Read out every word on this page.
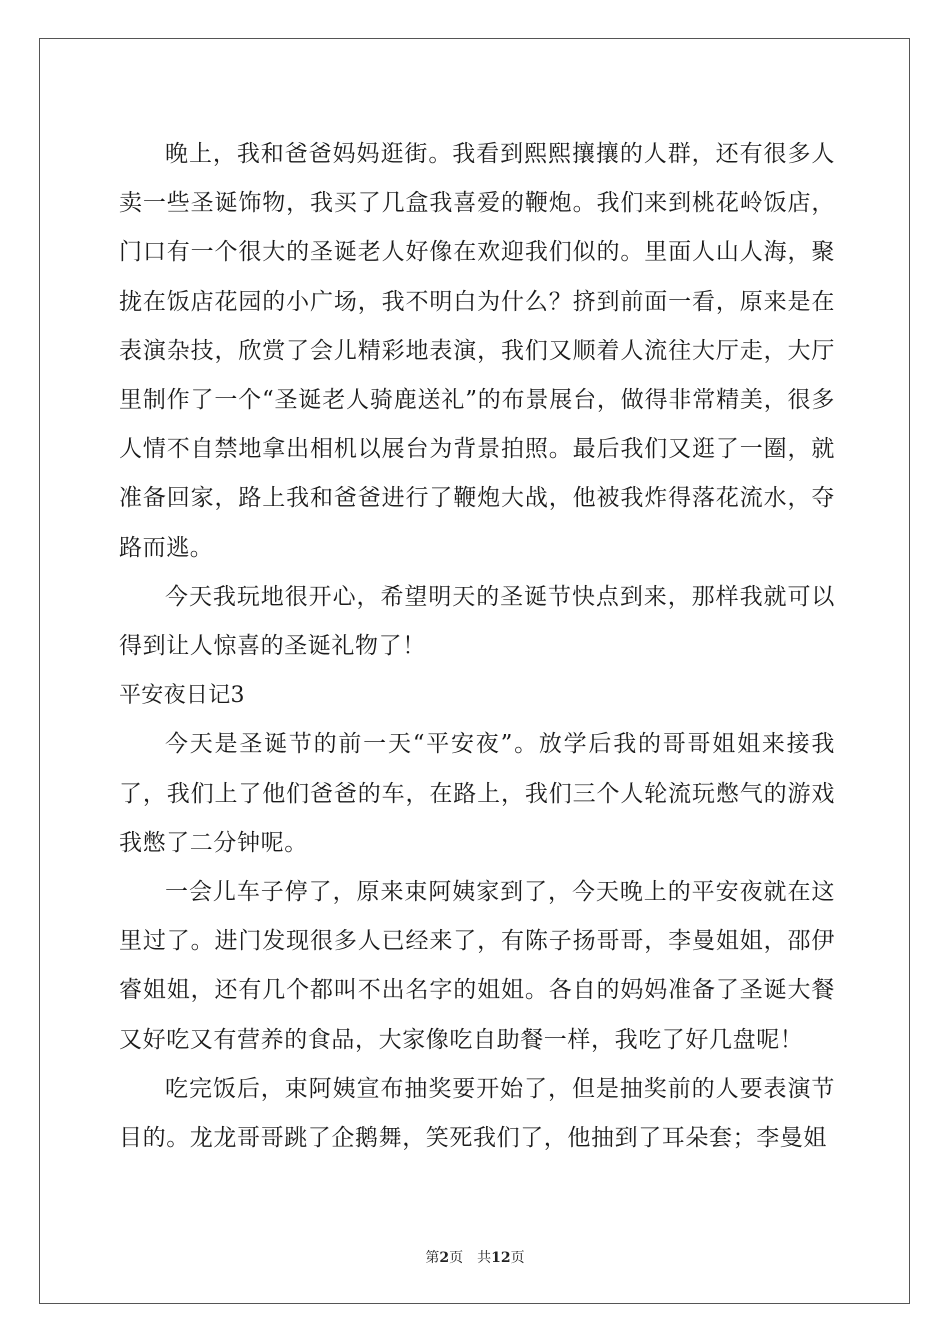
晚上，我和爸爸妈妈逛街。我看到熙熙攘攘的人群，还有很多人卖一些圣诞饰物，我买了几盒我喜爱的鞭炮。我们来到桃花岭饭店，门口有一个很大的圣诞老人好像在欢迎我们似的。里面人山人海，聚拢在饭店花园的小广场，我不明白为什么？挤到前面一看，原来是在表演杂技，欣赏了会儿精彩地表演，我们又顺着人流往大厅走，大厅里制作了一个“圣诞老人骑鹿送礼”的布景展台，做得非常精美，很多人情不自禁地拿出相机以展台为背景拍照。最后我们又逛了一圈，就准备回家，路上我和爸爸进行了鞭炮大战，他被我炸得落花流水，夺路而逃。

今天我玩地很开心，希望明天的圣诞节快点到来，那样我就可以得到让人惊喜的圣诞礼物了！

平安夜日记3

今天是圣诞节的前一天“平安夜”。放学后我的哥哥姐姐来接我了，我们上了他们爸爸的车，在路上，我们三个人轮流玩憋气的游戏我憋了二分钟呢。

一会儿车子停了，原来束阿姨家到了，今天晚上的平安夜就在这里过了。进门发现很多人已经来了，有陈子扬哥哥，李曼姐姐，邵伊睿姐姐，还有几个都叫不出名字的姐姐。各自的妈妈准备了圣诞大餐又好吃又有营养的食品，大家像吃自助餐一样，我吃了好几盘呢！

吃完饭后，束阿姨宣布抽奖要开始了，但是抽奖前的人要表演节目的。龙龙哥哥跳了企鹅舞，笑死我们了，他抽到了耳朵套；李曼姐

第2页 共12页
